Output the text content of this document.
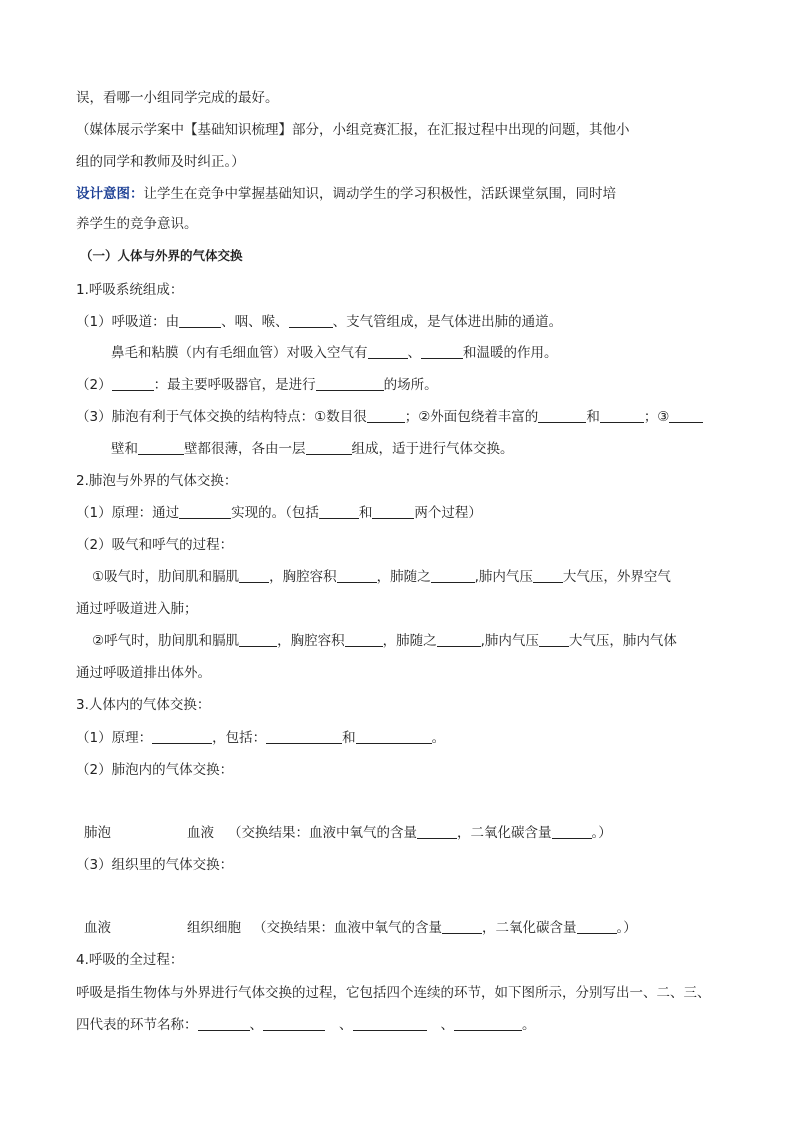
误，看哪一小组同学完成的最好。
（媒体展示学案中【基础知识梳理】部分，小组竞赛汇报，在汇报过程中出现的问题，其他小
组的同学和教师及时纠正。）
设计意图：让学生在竞争中掌握基础知识，调动学生的学习积极性，活跃课堂氛围，同时培
养学生的竞争意识。
（一）人体与外界的气体交换
1.呼吸系统组成：
（1）呼吸道：由	、咽、喉、	、支气管组成，是气体进出肺的通道。
鼻毛和粘膜（内有毛细血管）对吸入空气有	、	和温暖的作用。
（2）	：最主要呼吸器官，是进行	的场所。
（3）肺泡有利于气体交换的结构特点：①数目很	；②外面包绕着丰富的	和	；③
壁和	壁都很薄，各由一层	组成，适于进行气体交换。
2.肺泡与外界的气体交换：
（1）原理：通过	实现的。（包括	和	两个过程）
（2）吸气和呼气的过程：
①吸气时，肋间肌和膈肌 ，胸腔容积	，肺随之	,肺内气压 大气压，外界空气
通过呼吸道进入肺；
②呼气时，肋间肌和膈肌	，胸腔容积	，肺随之	,肺内气压 大气压，肺内气体
通过呼吸道排出体外。
3.人体内的气体交换：
（1）原理：	，包括：	和	。
（2）肺泡内的气体交换：
肺泡	血液 （交换结果：血液中氧气的含量	，二氧化碳含量	。）
（3）组织里的气体交换：
血液	组织细胞 （交换结果：血液中氧气的含量	，二氧化碳含量	。）
4.呼吸的全过程：
呼吸是指生物体与外界进行气体交换的过程，它包括四个连续的环节，如下图所示，分别写出一、二、三、
四代表的环节名称：	、	、	、	。
